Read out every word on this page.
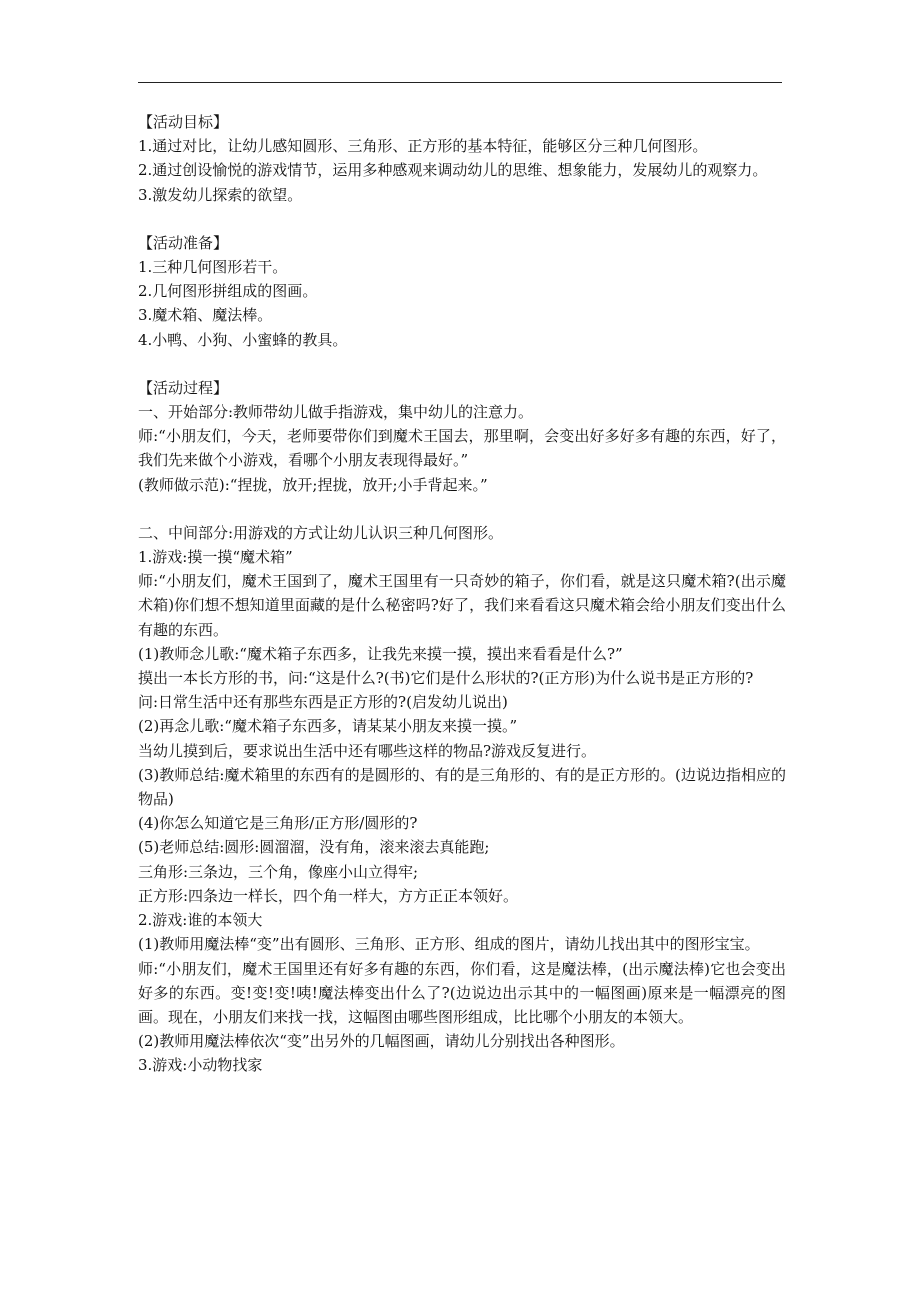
【活动目标】

1.通过对比，让幼儿感知圆形、三角形、正方形的基本特征，能够区分三种几何图形。

2.通过创设愉悦的游戏情节，运用多种感观来调动幼儿的思维、想象能力，发展幼儿的观察力。

3.激发幼儿探索的欲望。

【活动准备】

1.三种几何图形若干。

2.几何图形拼组成的图画。

3.魔术箱、魔法棒。

4.小鸭、小狗、小蜜蜂的教具。

【活动过程】

一、开始部分:教师带幼儿做手指游戏，集中幼儿的注意力。

师:“小朋友们，今天，老师要带你们到魔术王国去，那里啊，会变出好多好多有趣的东西，好了，我们先来做个小游戏，看哪个小朋友表现得最好。”

(教师做示范):“捏拢，放开;捏拢，放开;小手背起来。”

二、中间部分:用游戏的方式让幼儿认识三种几何图形。

1.游戏:摸一摸“魔术箱”

师:“小朋友们，魔术王国到了，魔术王国里有一只奇妙的箱子，你们看，就是这只魔术箱?(出示魔术箱)你们想不想知道里面藏的是什么秘密吗?好了，我们来看看这只魔术箱会给小朋友们变出什么有趣的东西。

(1)教师念儿歌:“魔术箱子东西多，让我先来摸一摸，摸出来看看是什么?”

摸出一本长方形的书，问:“这是什么?(书)它们是什么形状的?(正方形)为什么说书是正方形的?

问:日常生活中还有那些东西是正方形的?(启发幼儿说出)

(2)再念儿歌:“魔术箱子东西多，请某某小朋友来摸一摸。”

当幼儿摸到后，要求说出生活中还有哪些这样的物品?游戏反复进行。

(3)教师总结:魔术箱里的东西有的是圆形的、有的是三角形的、有的是正方形的。(边说边指相应的物品)

(4)你怎么知道它是三角形/正方形/圆形的?

(5)老师总结:圆形:圆溜溜，没有角，滚来滚去真能跑;

三角形:三条边，三个角，像座小山立得牢;

正方形:四条边一样长，四个角一样大，方方正正本领好。

2.游戏:谁的本领大

(1)教师用魔法棒“变”出有圆形、三角形、正方形、组成的图片，请幼儿找出其中的图形宝宝。

师:“小朋友们，魔术王国里还有好多有趣的东西，你们看，这是魔法棒，(出示魔法棒)它也会变出好多的东西。变!变!变!咦!魔法棒变出什么了?(边说边出示其中的一幅图画)原来是一幅漂亮的图画。现在，小朋友们来找一找，这幅图由哪些图形组成，比比哪个小朋友的本领大。

(2)教师用魔法棒依次“变”出另外的几幅图画，请幼儿分别找出各种图形。

3.游戏:小动物找家
